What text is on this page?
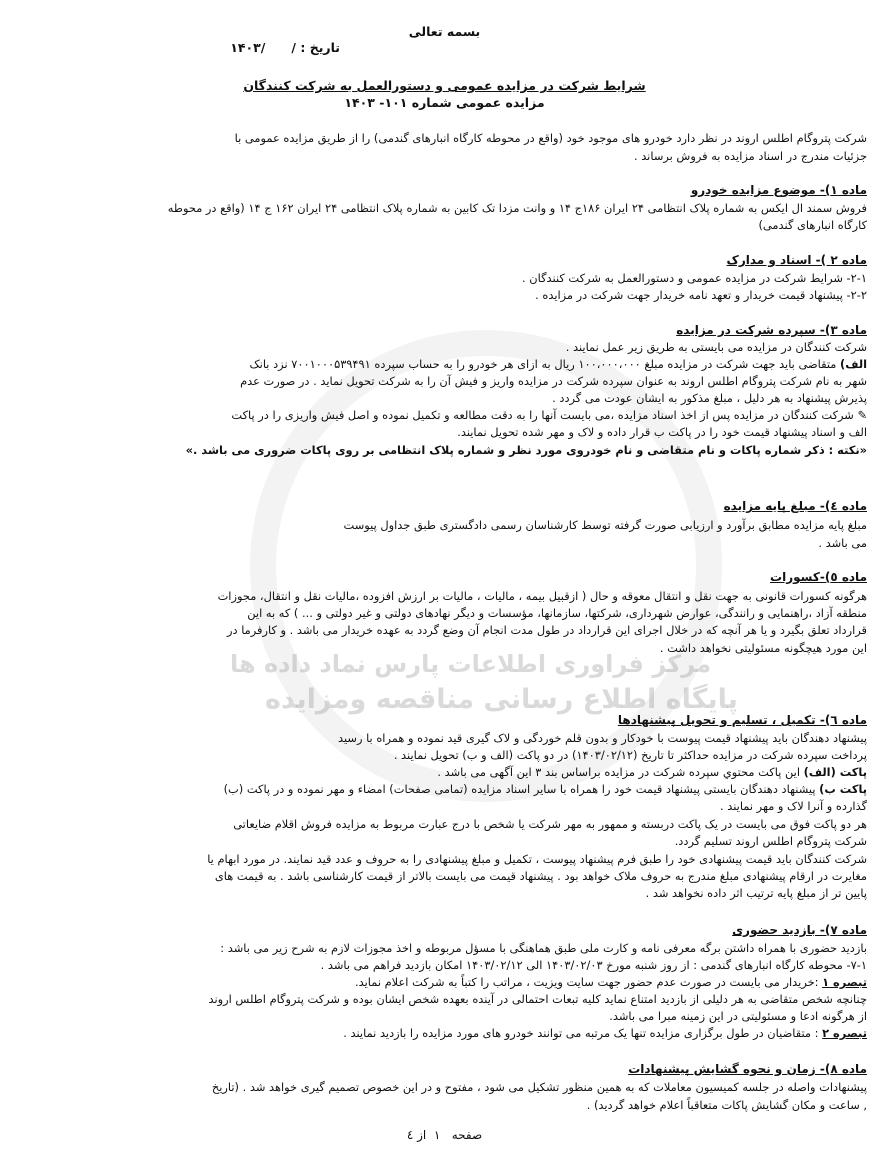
مرکز فراوری اطلاعات پارس نماد داده ها
پایگاه اطلاع رسانی مناقصه ومزایده
بسمه تعالی
تاریخ : /      /۱۴۰۳
شرایط شرکت در مزایده عمومی و دستورالعمل به شرکت کنندگان
مزایده عمومی شماره ۱۰۱- ۱۴۰۳
شرکت پتروگام اطلس اروند در نظر دارد خودرو های موجود خود (واقع در محوطه کارگاه انبارهای گندمی) را از طریق مزایده عمومی با
جزئیات مندرج در اسناد مزایده به فروش برساند .
ماده ۱)- موضوع مزایده خودرو
فروش سمند ال ایکس به شماره پلاک انتظامی ۲۴ ایران ۱۸۶ج ۱۴ و وانت مزدا تک کابین به شماره پلاک انتظامی ۲۴ ایران ۱۶۲ ج ۱۴ (واقع در محوطه
کارگاه انبارهای گندمی)
ماده ۲ )- اسناد و مدارک
۲-۱- شرایط شرکت در مزایده عمومی و دستورالعمل به شرکت کنندگان .
۲-۲- پیشنهاد قیمت خریدار و تعهد نامه خریدار جهت شرکت در مزایده .
ماده ۳)- سپرده شرکت در مزایده
شرکت کنندگان در مزایده می بایستی به طریق زیر عمل نمایند .
الف) متقاضی باید جهت شرکت در مزایده مبلغ ۱۰۰،۰۰۰،۰۰۰ ریال به ازای هر خودرو را به حساب سپرده ۷۰۰۱۰۰۰۵۳۹۴۹۱ نزد بانک
شهر به نام شرکت پتروگام اطلس اروند به عنوان سپرده شرکت در مزایده واریز و فیش آن را به شرکت تحویل نماید . در صورت عدم
پذیرش پیشنهاد به هر دلیل ، مبلغ مذکور به ایشان عودت می گردد .
✎ شرکت کنندگان در مزایده پس از اخذ اسناد مزایده ،می بایست آنها را به دقت مطالعه و تکمیل نموده و اصل فیش واریزی را در پاکت
الف و اسناد پیشنهاد قیمت خود را در پاکت ب قرار داده و لاک و مهر شده تحویل نمایند.
«نکته : ذکر شماره پاکات و نام متقاضی و نام خودروی مورد نظر و شماره پلاک انتظامی بر روی پاکات ضروری می باشد .»
ماده ٤)- مبلغ پایه مزایده
مبلغ پایه مزایده مطابق برآورد و ارزیابی صورت گرفته توسط کارشناسان رسمی دادگستری طبق جداول پیوست
می باشد .
ماده ٥)-کسورات
هرگونه کسورات قانونی به جهت نقل و انتقال معوقه و حال ( ازقبیل بیمه ، مالیات ، مالیات بر ارزش افزوده ،مالیات نقل و انتقال، مجوزات
منطقه آزاد ،راهنمایی و رانندگی، عوارض شهرداری، شرکتها، سازمانها، مؤسسات و دیگر نهادهای دولتی و غیر دولتی و ... ) که به این
قرارداد تعلق بگیرد و یا هر آنچه که در خلال اجرای این قرارداد در طول مدت انجام آن وضع گردد به عهده خریدار می باشد . و کارفرما در
این مورد هیچگونه مسئولیتی نخواهد داشت .
ماده ٦)- تکمیل ، تسلیم و تحویل پیشنهادها
پیشنهاد دهندگان باید پیشنهاد قیمت پیوست با خودکار و بدون قلم خوردگی و لاک گیری قید نموده و همراه با رسید
پرداخت سپرده شرکت در مزایده حداکثر تا تاریخ (۱۴۰۳/۰۲/۱۲) در دو پاکت (الف و ب) تحویل نمایند .
پاکت (الف) این پاکت محتوي سپرده شرکت در مزایده براساس بند ۳ این آگهی می باشد .
پاکت ب) پیشنهاد دهندگان بایستی پیشنهاد قیمت خود را همراه با سایر اسناد مزایده (تمامی صفحات) امضاء و مهر نموده و در پاکت (ب)
گذارده و آنرا لاک و مهر نمایند .
هر دو پاکت فوق می بایست در یک پاکت دربسته و ممهور به مهر شرکت یا شخص با درج عبارت مربوط به مزایده فروش اقلام ضایعاتی
شرکت پتروگام اطلس اروند تسلیم گردد.
شرکت کنندگان باید قیمت پیشنهادی خود را طبق فرم پیشنهاد پیوست ، تکمیل و مبلغ پیشنهادی را به حروف و عدد قید نمایند. در مورد ابهام یا
مغایرت در ارقام پیشنهادی مبلغ مندرج به حروف ملاک خواهد بود . پیشنهاد قیمت می بایست بالاتر از قیمت کارشناسی باشد . به قیمت های
پایین تر از مبلغ پایه ترتیب اثر داده نخواهد شد .
ماده ۷)- بازدید حضوری
بازدید حضوری با همراه داشتن برگه معرفی نامه و کارت ملی طبق هماهنگی با مسؤل مربوطه و اخذ مجوزات لازم به شرح زیر می باشد :
۷-۱- محوطه کارگاه انبارهای گندمی : از روز شنبه مورخ ۱۴۰۳/۰۲/۰۳ الی ۱۴۰۳/۰۲/۱۲ امکان بازدید فراهم می باشد .
تبصره ۱ :خریدار می بایست در صورت عدم حضور جهت سایت ویزیت ، مراتب را کتباً به شرکت اعلام نماید.
چنانچه شخص متقاضی به هر دلیلی از بازدید امتناع نماید کلیه تبعات احتمالی در آینده بعهده شخص ایشان بوده و شرکت پتروگام اطلس اروند
از هرگونه ادعا و مسئولیتی در این زمینه مبرا می باشد.
تبصره ۲ : متقاضیان در طول برگزاری مزایده تنها یک مرتبه می توانند خودرو های مورد مزایده را بازدید نمایند .
ماده ۸)- زمان و نحوه گشایش پیشنهادات
پیشنهادات واصله در جلسه کمیسیون معاملات که به همین منظور تشکیل می شود ، مفتوح و در این خصوص تصمیم گیری خواهد شد . (تاریخ
, ساعت و مکان گشایش پاکات متعاقباً اعلام خواهد گردید) .
صفحه   ۱  از ٤
